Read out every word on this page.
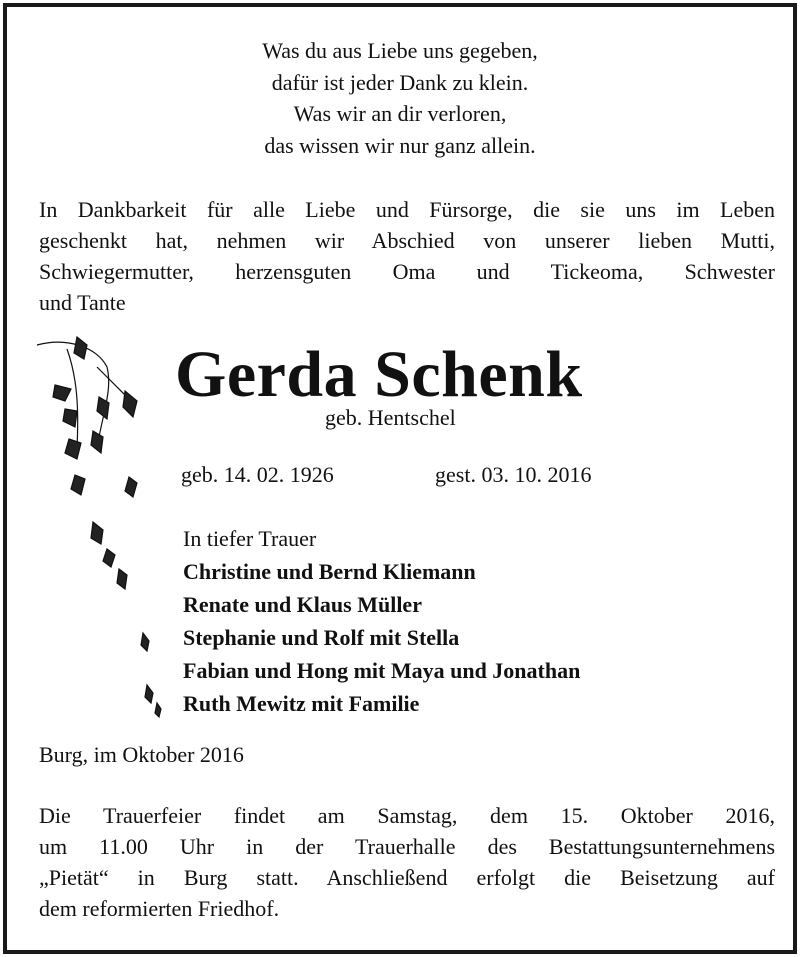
Was du aus Liebe uns gegeben,
dafür ist jeder Dank zu klein.
Was wir an dir verloren,
das wissen wir nur ganz allein.
In Dankbarkeit für alle Liebe und Fürsorge, die sie uns im Leben
geschenkt hat, nehmen wir Abschied von unserer lieben Mutti,
Schwiegermutter, herzensguten Oma und Tickeoma, Schwester
und Tante
Gerda Schenk
geb. Hentschel
geb. 14. 02. 1926	gest. 03. 10. 2016
In tiefer Trauer
Christine und Bernd Kliemann
Renate und Klaus Müller
Stephanie und Rolf mit Stella
Fabian und Hong mit Maya und Jonathan
Ruth Mewitz mit Familie
Burg, im Oktober 2016
Die Trauerfeier findet am Samstag, dem 15. Oktober 2016,
um 11.00 Uhr in der Trauerhalle des Bestattungsunternehmens
„Pietät“ in Burg statt. Anschließend erfolgt die Beisetzung auf
dem reformierten Friedhof.
